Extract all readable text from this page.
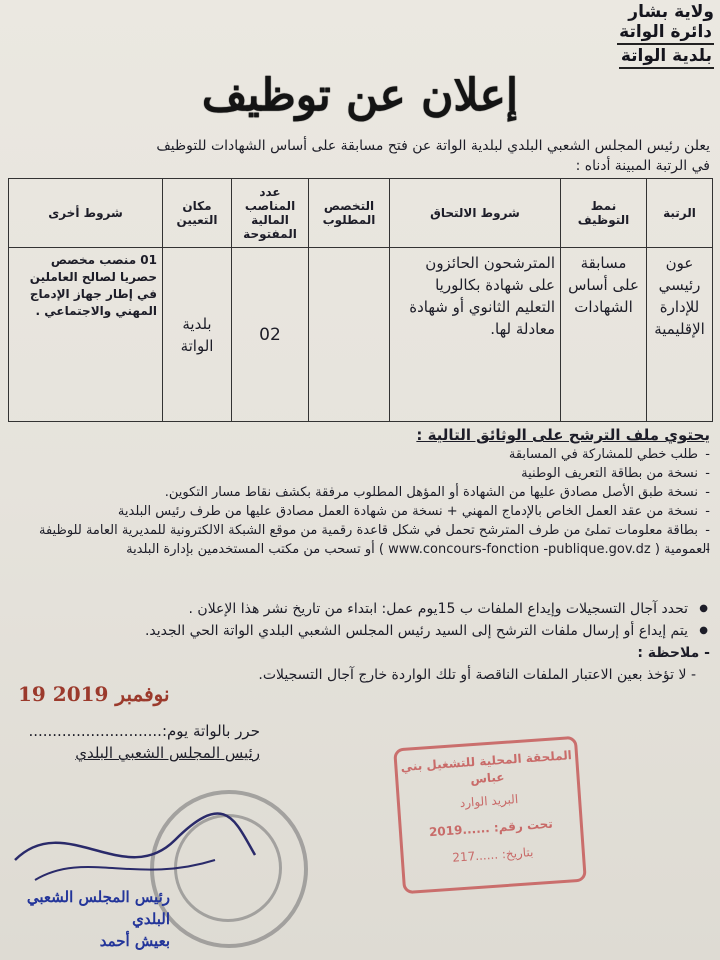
ولاية بشار
دائرة الواتة
بلدية الواتة
إعلان عن توظيف
يعلن رئيس المجلس الشعبي البلدي لبلدية الواتة عن فتح مسابقة على أساس الشهادات للتوظيف
في الرتبة المبينة أدناه :
الرتبة	نمط التوظيف	شروط الالتحاق	التخصص المطلوب	عدد المناصب المالية المفتوحة	مكان التعيين	شروط أخرى
عون رئيسي للإدارة الإقليمية	مسابقة على أساس الشهادات	المترشحون الحائزون على شهادة بكالوريا التعليم الثانوي أو شهادة معادلة لها.		02	بلدية الواتة	01 منصب مخصص حصريا لصالح العاملين في إطار جهاز الإدماج المهني والاجتماعي .
يحتوي ملف الترشح على الوثائق التالية :
- طلب خطي للمشاركة في المسابقة
- نسخة من بطاقة التعريف الوطنية
- نسخة طبق الأصل مصادق عليها من الشهادة أو المؤهل المطلوب مرفقة بكشف نقاط مسار التكوين.
- نسخة من عقد العمل الخاص بالإدماج المهني + نسخة من شهادة العمل مصادق عليها من طرف رئيس البلدية
- بطاقة معلومات تملئ من طرف المترشح تحمل في شكل قاعدة رقمية من موقع الشبكة الالكترونية للمديرية العامة للوظيفة
- العمومية ( www.concours-fonction -publique.gov.dz ) أو تسحب من مكتب المستخدمين بإدارة البلدية
● تحدد آجال التسجيلات وإيداع الملفات ب 15يوم عمل: ابتداء من تاريخ نشر هذا الإعلان .
● يتم إيداع أو إرسال ملفات الترشح إلى السيد رئيس المجلس الشعبي البلدي الواتة الحي الجديد.
- ملاحظة :
- لا تؤخذ بعين الاعتبار الملفات الناقصة أو تلك الواردة خارج آجال التسجيلات.
19 نوفمبر 2019
حرر بالواتة يوم:............................
رئيس المجلس الشعبي البلدي	الملحقة المحلية للتشغيل بني عباس
البريد الوارد
تحت رقم: ......2019
بتاريخ: ......217
رئيس المجلس الشعبي البلدي
بعيش أحمد
